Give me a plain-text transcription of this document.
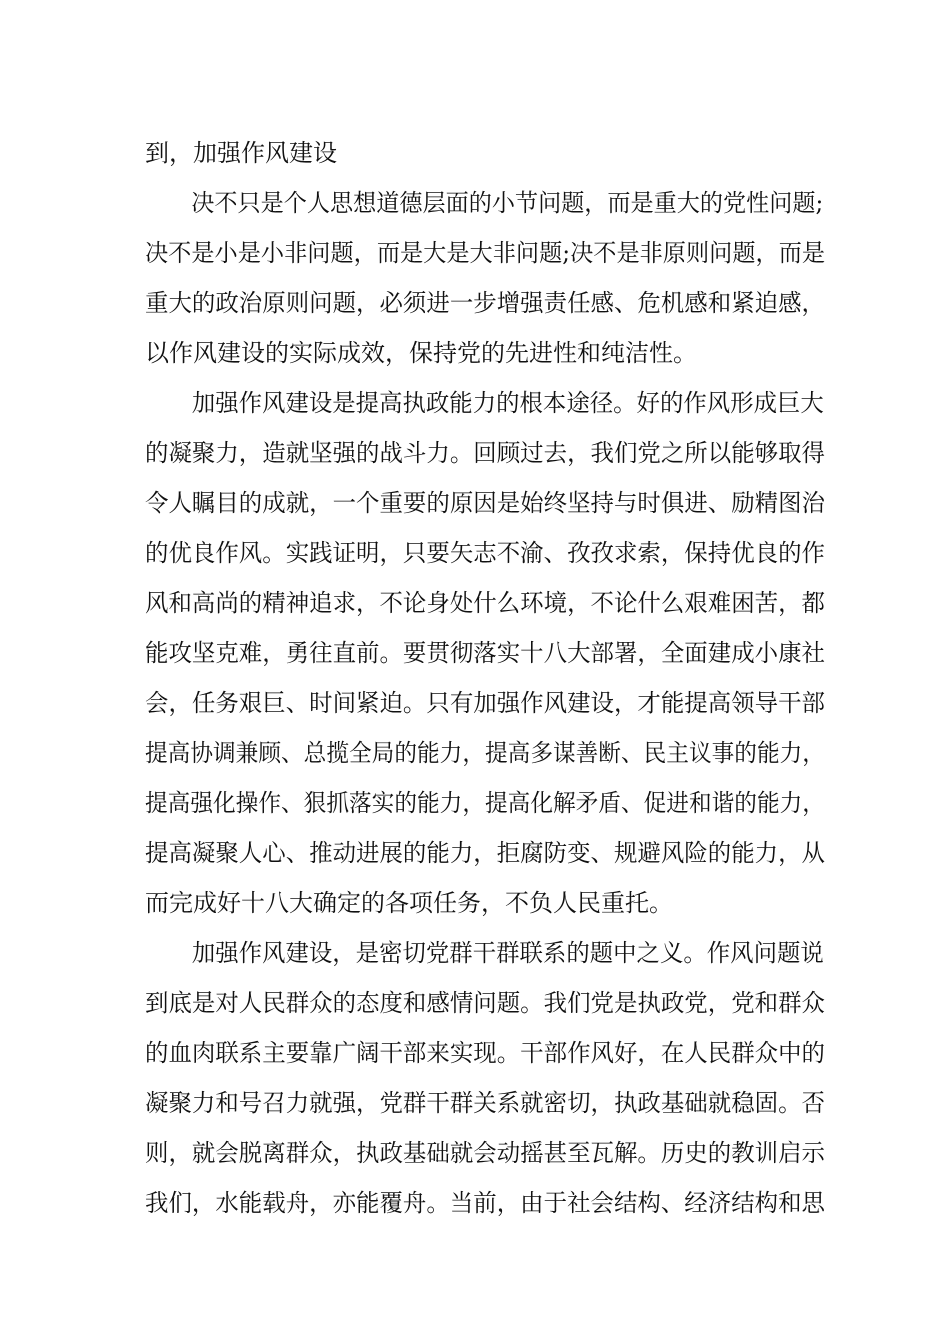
到，加强作风建设
决不只是个人思想道德层面的小节问题，而是重大的党性问题;
决不是小是小非问题，而是大是大非问题;决不是非原则问题，而是
重大的政治原则问题，必须进一步增强责任感、危机感和紧迫感，
以作风建设的实际成效，保持党的先进性和纯洁性。
加强作风建设是提高执政能力的根本途径。好的作风形成巨大
的凝聚力，造就坚强的战斗力。回顾过去，我们党之所以能够取得
令人瞩目的成就，一个重要的原因是始终坚持与时俱进、励精图治
的优良作风。实践证明，只要矢志不渝、孜孜求索，保持优良的作
风和高尚的精神追求，不论身处什么环境，不论什么艰难困苦，都
能攻坚克难，勇往直前。要贯彻落实十八大部署，全面建成小康社
会，任务艰巨、时间紧迫。只有加强作风建设，才能提高领导干部
提高协调兼顾、总揽全局的能力，提高多谋善断、民主议事的能力，
提高强化操作、狠抓落实的能力，提高化解矛盾、促进和谐的能力，
提高凝聚人心、推动进展的能力，拒腐防变、规避风险的能力，从
而完成好十八大确定的各项任务，不负人民重托。
加强作风建设，是密切党群干群联系的题中之义。作风问题说
到底是对人民群众的态度和感情问题。我们党是执政党，党和群众
的血肉联系主要靠广阔干部来实现。干部作风好，在人民群众中的
凝聚力和号召力就强，党群干群关系就密切，执政基础就稳固。否
则，就会脱离群众，执政基础就会动摇甚至瓦解。历史的教训启示
我们，水能载舟，亦能覆舟。当前，由于社会结构、经济结构和思
